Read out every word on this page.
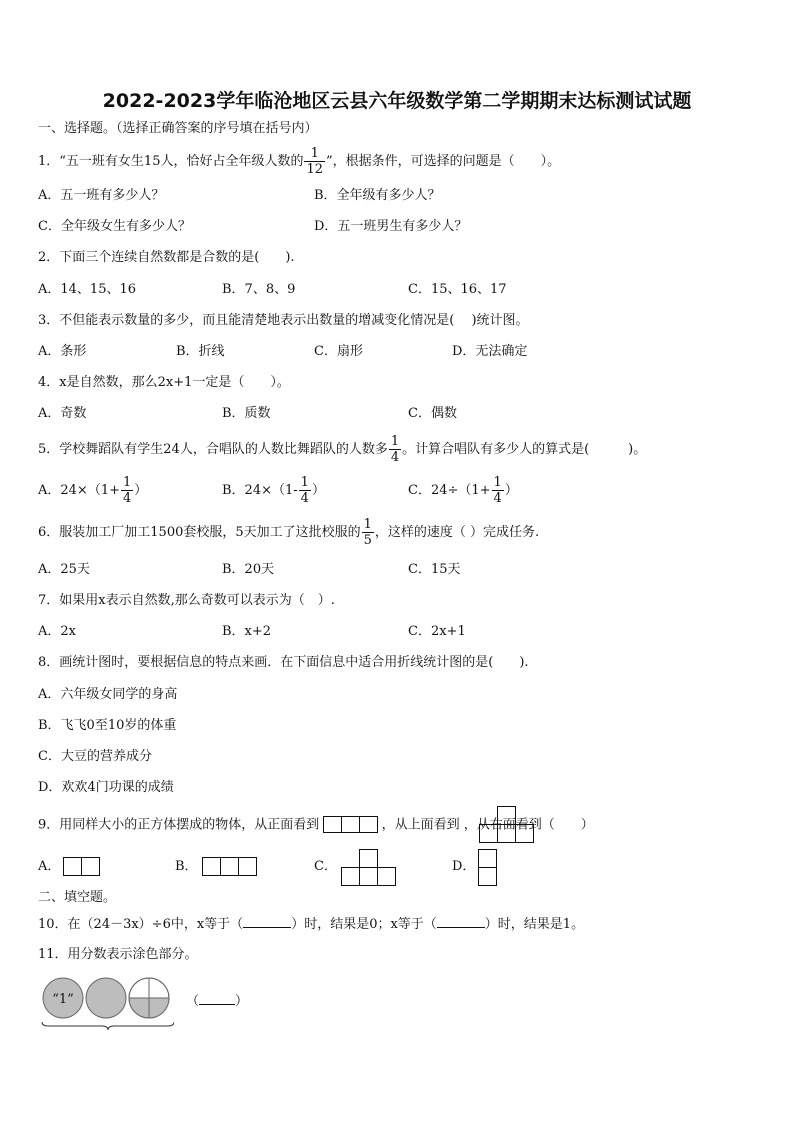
2022-2023学年临沧地区云县六年级数学第二学期期末达标测试试题
一、选择题。（选择正确答案的序号填在括号内）
1．“五一班有女生15人，恰好占全年级人数的 $\frac{1}{12}$ ”，根据条件，可选择的问题是（　　）。
A．五一班有多少人？	B．全年级有多少人？
C．全年级女生有多少人？	D．五一班男生有多少人？
2．下面三个连续自然数都是合数的是(　　).
A．14、15、16	B．7、8、9	C．15、16、17
3．不但能表示数量的多少，而且能清楚地表示出数量的增减变化情况是(　 )统计图。
A．条形	B．折线	C．扇形	D．无法确定
4．x是自然数，那么2x+1一定是（　　）。
A．奇数	B．质数	C．偶数
5．学校舞蹈队有学生24人，合唱队的人数比舞蹈队的人数多 $\frac{1}{4}$ 。计算合唱队有多少人的算式是(　　　)。
A．$24\times(1+ \frac{1}{4}$ ）	B．$24\times(1- \frac{1}{4}$ ）	C．$24\div(1+ \frac{1}{4}$ ）
6．服装加工厂加工1500套校服，5天加工了这批校服的 $\frac{1}{5}$ ，这样的速度（ ）完成任务.
A．25天	B．20天	C．15天
7．如果用x表示自然数,那么奇数可以表示为（　）.
A．2x	B．x+2	C．2x+1
8．画统计图时，要根据信息的特点来画．在下面信息中适合用折线统计图的是(　　).
A．六年级女同学的身高
B．飞飞0至10岁的体重
C．大豆的营养成分
D．欢欢4门功课的成绩
9．用同样大小的正方体摆成的物体，从正面看到	，从上面看到 ，从右面看到（　　）
A．	B．	C．	D．
二、填空题。
10．在（24－3x）÷6中，x等于（	）时，结果是0；x等于（	）时，结果是1。
11．用分数表示涂色部分。
“1”	（	）
